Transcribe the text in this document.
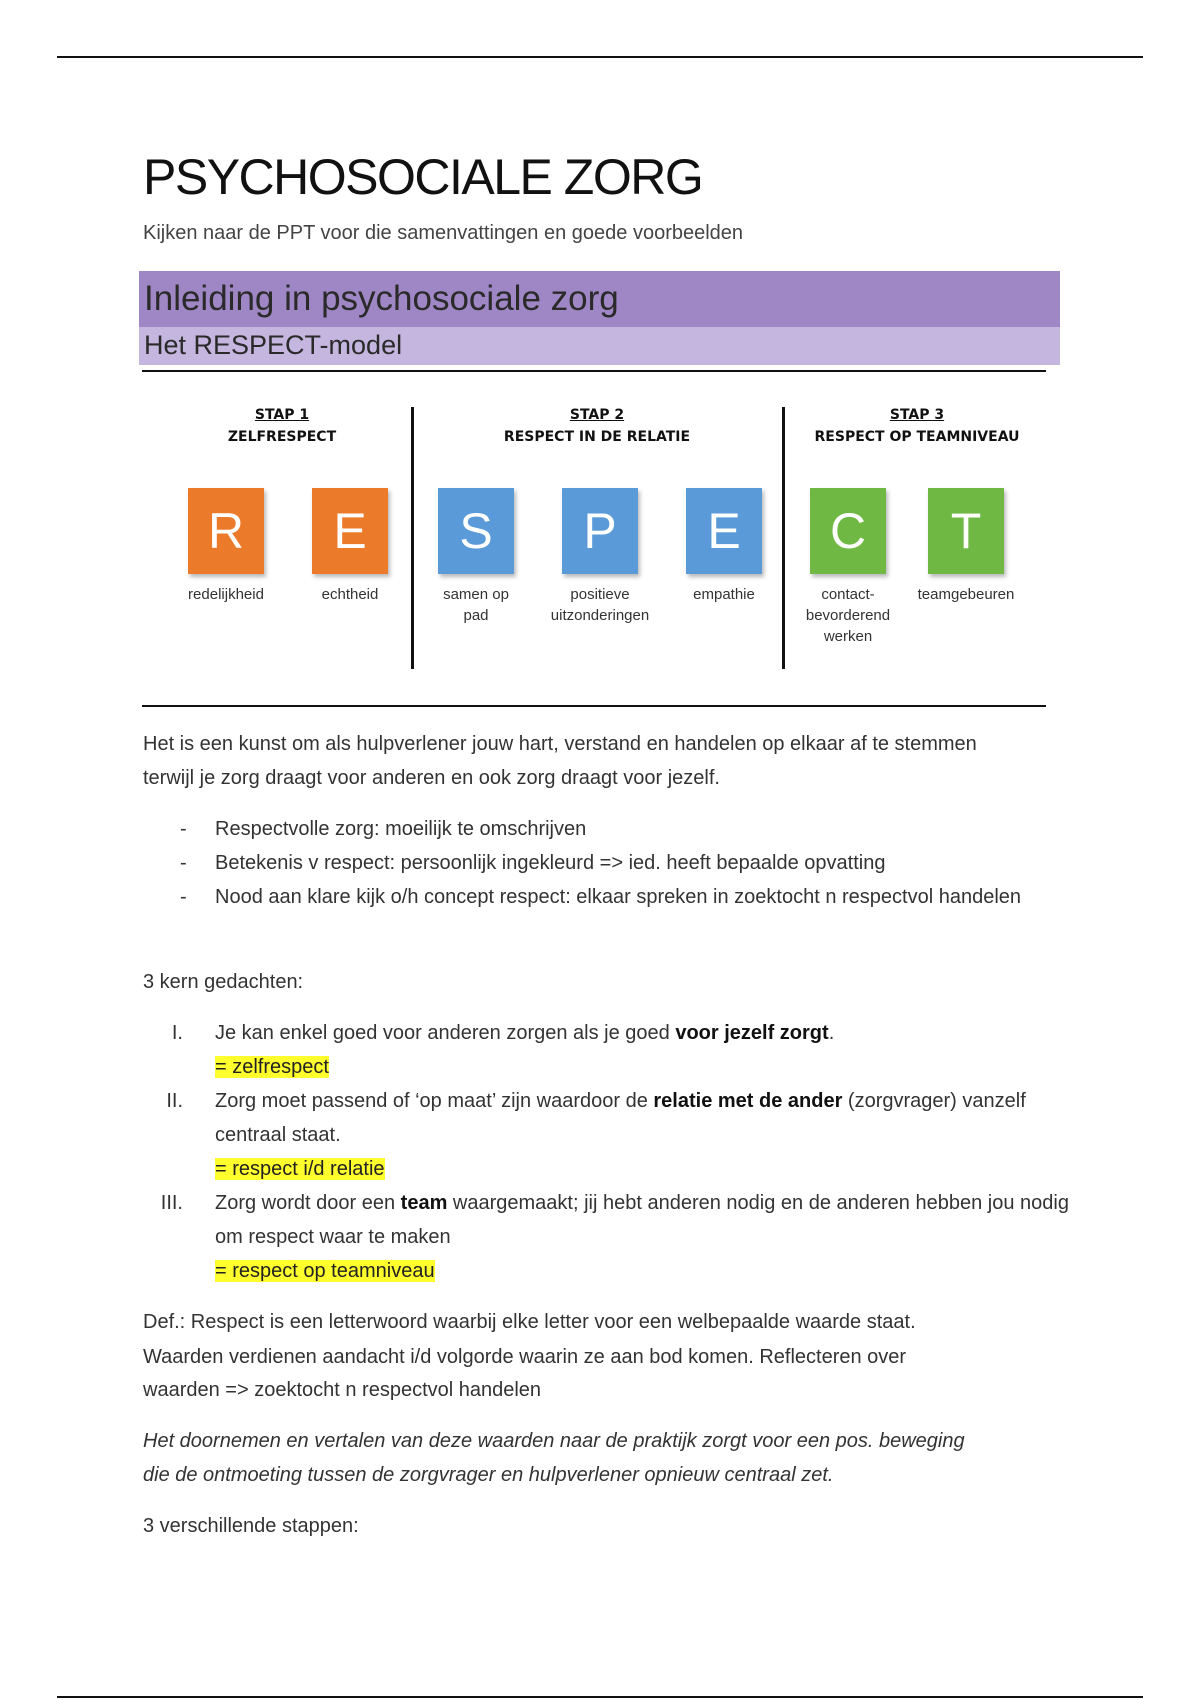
PSYCHOSOCIALE ZORG
Kijken naar de PPT voor die samenvattingen en goede voorbeelden
Inleiding in psychosociale zorg
Het RESPECT-model
STAP 1
ZELFRESPECT
STAP 2
RESPECT IN DE RELATIE
STAP 3
RESPECT OP TEAMNIVEAU
R	E	S	P	E	C	T
redelijkheid	echtheid	samen op pad
positieve uitzonderingen
empathie	contact-bevorderend werken
teamgebeuren

Het is een kunst om als hulpverlener jouw hart, verstand en handelen op elkaar af te stemmen

terwijl je zorg draagt voor anderen en ook zorg draagt voor jezelf.

- Respectvolle zorg: moeilijk te omschrijven
- Betekenis v respect: persoonlijk ingekleurd => ied. heeft bepaalde opvatting
- Nood aan klare kijk o/h concept respect: elkaar spreken in zoektocht n respectvol handelen

3 kern gedachten:

I. Je kan enkel goed voor anderen zorgen als je goed voor jezelf zorgt.
= zelfrespect
II. Zorg moet passend of ‘op maat’ zijn waardoor de relatie met de ander (zorgvrager) vanzelf centraal staat.
= respect i/d relatie
III. Zorg wordt door een team waargemaakt; jij hebt anderen nodig en de anderen hebben jou nodig om respect waar te maken
= respect op teamniveau

Def.: Respect is een letterwoord waarbij elke letter voor een welbepaalde waarde staat.

Waarden verdienen aandacht i/d volgorde waarin ze aan bod komen. Reflecteren over

waarden => zoektocht n respectvol handelen

Het doornemen en vertalen van deze waarden naar de praktijk zorgt voor een pos. beweging

die de ontmoeting tussen de zorgvrager en hulpverlener opnieuw centraal zet.

3 verschillende stappen:
